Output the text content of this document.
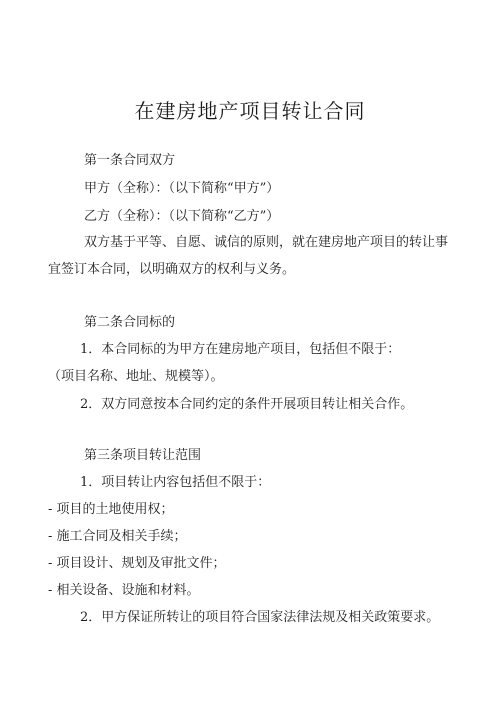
在建房地产项目转让合同

第一条合同双方

甲方（全称）：（以下简称“甲方”）

乙方（全称）：（以下简称“乙方”）

双方基于平等、自愿、诚信的原则，就在建房地产项目的转让事

宜签订本合同，以明确双方的权利与义务。

第二条合同标的

1．本合同标的为甲方在建房地产项目，包括但不限于：

（项目名称、地址、规模等）。

2．双方同意按本合同约定的条件开展项目转让相关合作。

第三条项目转让范围

1．项目转让内容包括但不限于：

- 项目的土地使用权；

- 施工合同及相关手续；

- 项目设计、规划及审批文件；

- 相关设备、设施和材料。

2．甲方保证所转让的项目符合国家法律法规及相关政策要求。
